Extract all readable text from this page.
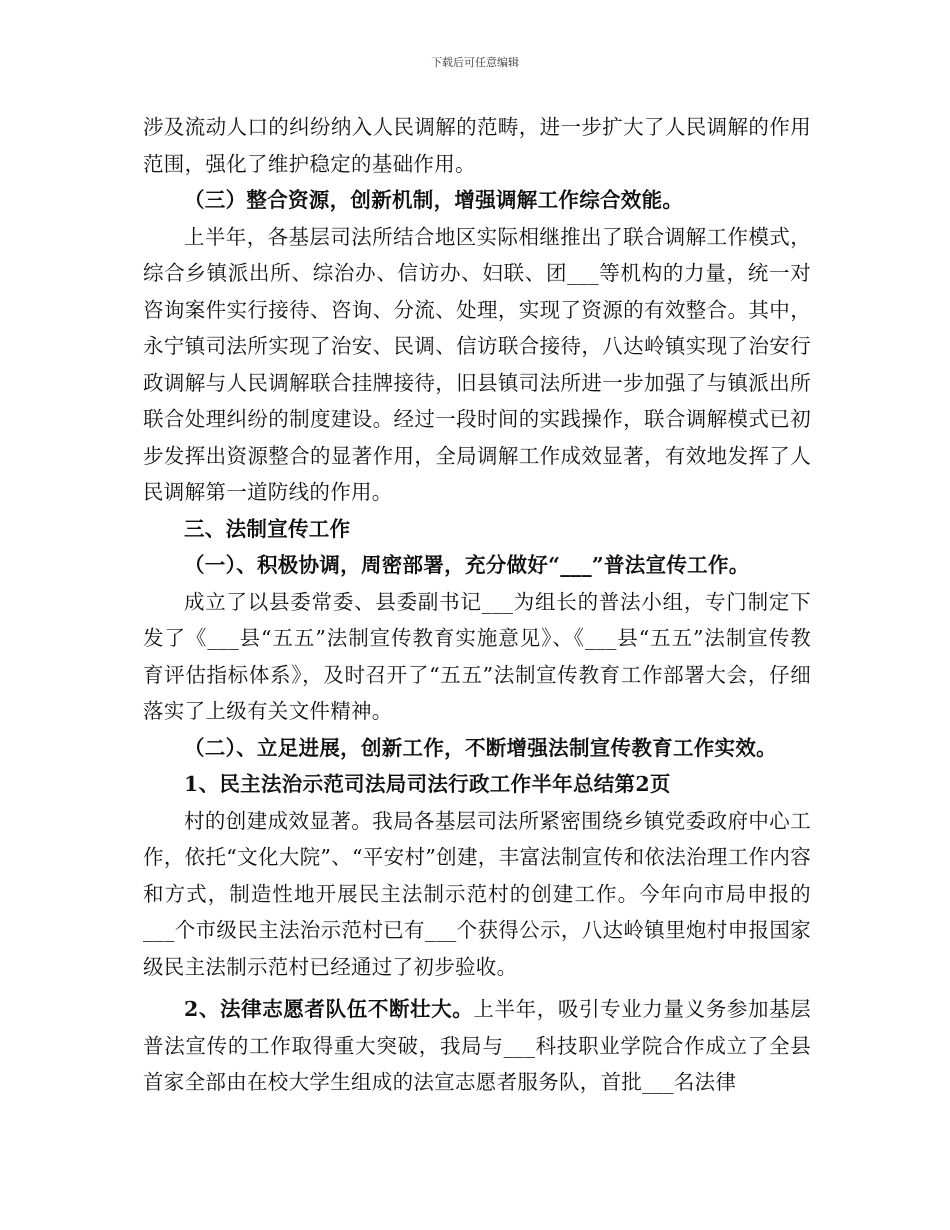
下载后可任意编辑

涉及流动人口的纠纷纳入人民调解的范畴，进一步扩大了人民调解的作用范围，强化了维护稳定的基础作用。

（三）整合资源，创新机制，增强调解工作综合效能。

上半年，各基层司法所结合地区实际相继推出了联合调解工作模式，综合乡镇派出所、综治办、信访办、妇联、团___等机构的力量，统一对咨询案件实行接待、咨询、分流、处理，实现了资源的有效整合。其中，永宁镇司法所实现了治安、民调、信访联合接待，八达岭镇实现了治安行政调解与人民调解联合挂牌接待，旧县镇司法所进一步加强了与镇派出所联合处理纠纷的制度建设。经过一段时间的实践操作，联合调解模式已初步发挥出资源整合的显著作用，全局调解工作成效显著，有效地发挥了人民调解第一道防线的作用。

三、法制宣传工作

（一）、积极协调，周密部署，充分做好“___”普法宣传工作。

成立了以县委常委、县委副书记___为组长的普法小组，专门制定下发了《___县“五五”法制宣传教育实施意见》、《___县“五五”法制宣传教育评估指标体系》，及时召开了“五五”法制宣传教育工作部署大会，仔细落实了上级有关文件精神。

（二）、立足进展，创新工作，不断增强法制宣传教育工作实效。

1、民主法治示范司法局司法行政工作半年总结第2页

村的创建成效显著。我局各基层司法所紧密围绕乡镇党委政府中心工作，依托“文化大院”、“平安村”创建，丰富法制宣传和依法治理工作内容和方式，制造性地开展民主法制示范村的创建工作。今年向市局申报的___个市级民主法治示范村已有___个获得公示，八达岭镇里炮村申报国家级民主法制示范村已经通过了初步验收。

2、法律志愿者队伍不断壮大。上半年，吸引专业力量义务参加基层普法宣传的工作取得重大突破，我局与___科技职业学院合作成立了全县首家全部由在校大学生组成的法宣志愿者服务队，首批___名法律
